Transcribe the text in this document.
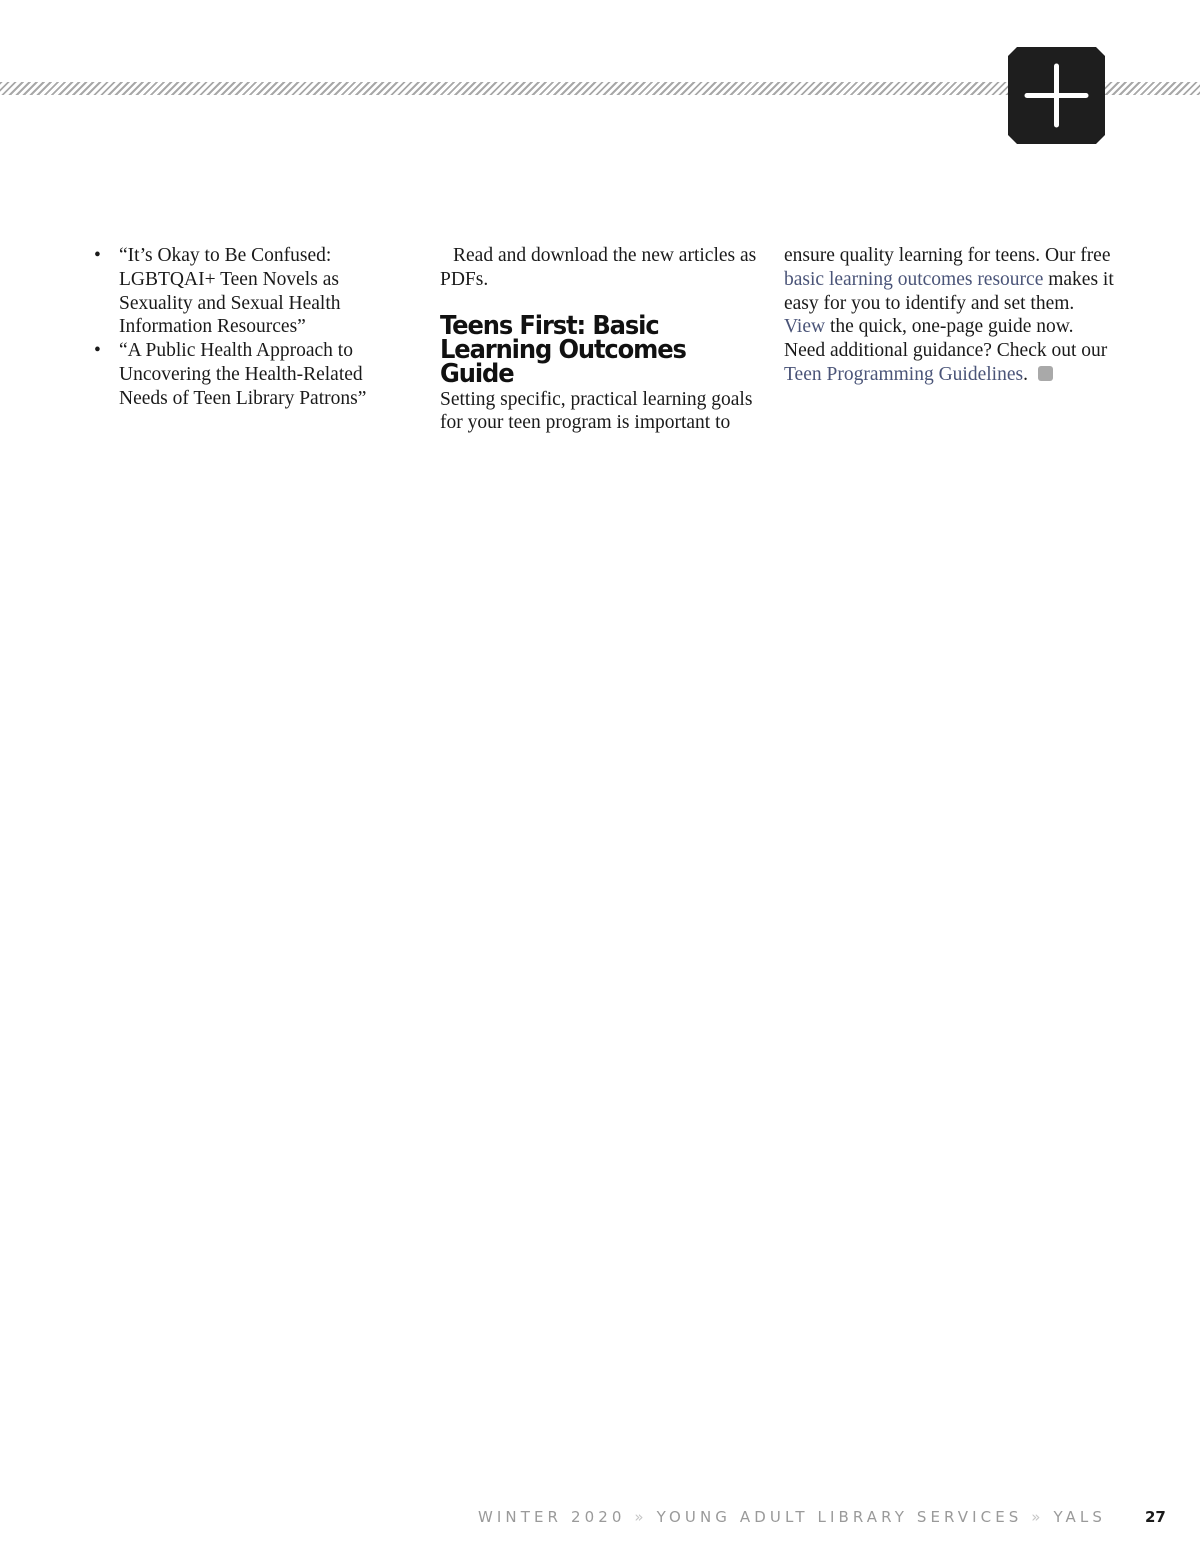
• “It’s Okay to Be Confused: LGBTQAI+ Teen Novels as Sexuality and Sexual Health Information Resources”
• “A Public Health Approach to Uncovering the Health-Related Needs of Teen Library Patrons”

Read and download the new articles as PDFs.

Teens First: Basic Learning Outcomes Guide

Setting specific, practical learning goals for your teen program is important to

ensure quality learning for teens. Our free basic learning outcomes resource makes it easy for you to identify and set them. View the quick, one-page guide now. Need additional guidance? Check out our Teen Programming Guidelines.

WINTER 2020 » YOUNG ADULT LIBRARY SERVICES » YALS	27
